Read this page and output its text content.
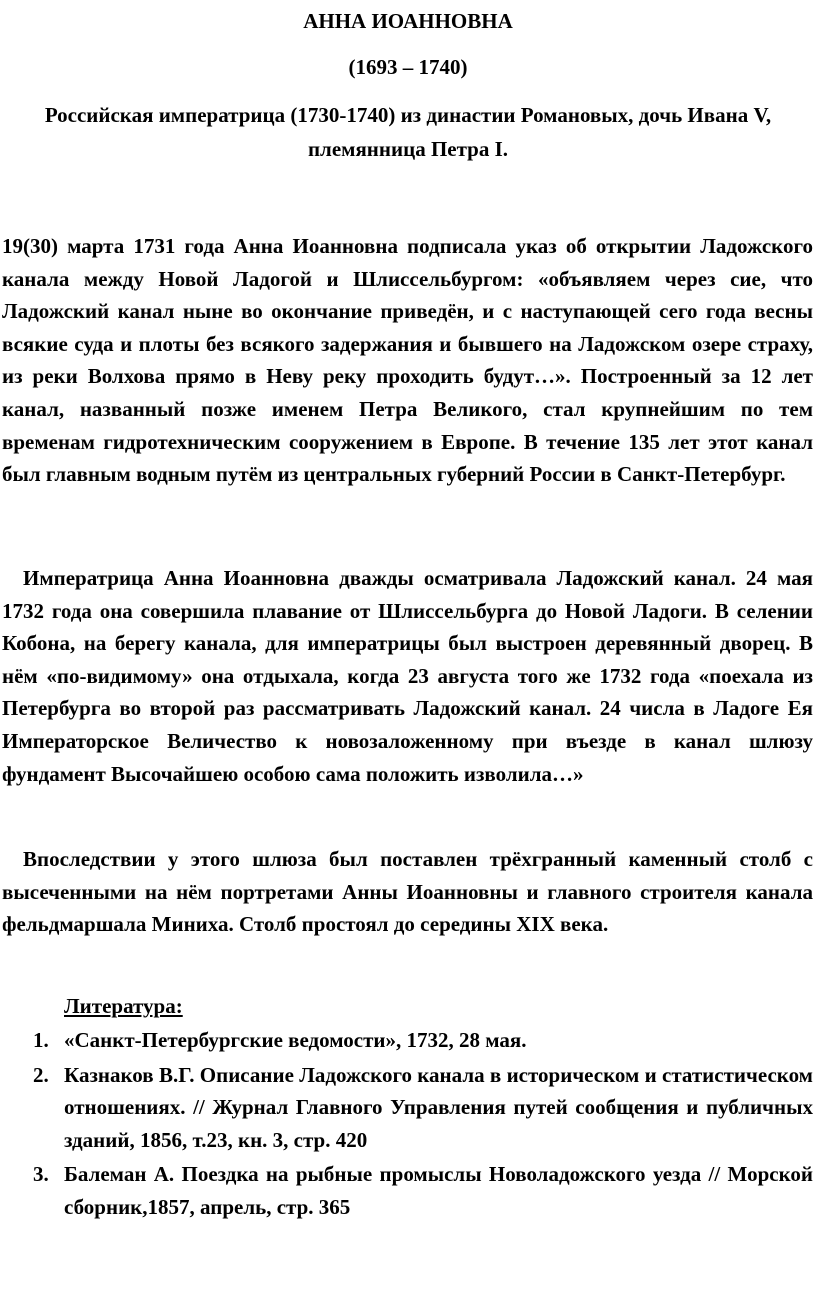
АННА ИОАННОВНА

(1693 – 1740)

Российская императрица (1730-1740) из династии Романовых, дочь Ивана V, племянница Петра I.

19(30) марта 1731 года Анна Иоанновна подписала указ об открытии Ладожского канала между Новой Ладогой и Шлиссельбургом: «объявляем через сие, что Ладожский канал ныне во окончание приведён, и с наступающей сего года весны всякие суда и плоты без всякого задержания и бывшего на Ладожском озере страху, из реки Волхова прямо в Неву реку проходить будут…». Построенный за 12 лет канал, названный позже именем Петра Великого, стал крупнейшим по тем временам гидротехническим сооружением в Европе. В течение 135 лет этот канал был главным водным путём из центральных губерний России в Санкт-Петербург.

Императрица Анна Иоанновна дважды осматривала Ладожский канал. 24 мая 1732 года она совершила плавание от Шлиссельбурга до Новой Ладоги. В селении Кобона, на берегу канала, для императрицы был выстроен деревянный дворец. В нём «по-видимому» она отдыхала, когда 23 августа того же 1732 года «поехала из Петербурга во второй раз рассматривать Ладожский канал. 24 числа в Ладоге Ея Императорское Величество к новозаложенному при въезде в канал шлюзу фундамент Высочайшею особою сама положить изволила…»

Впоследствии у этого шлюза был поставлен трёхгранный каменный столб с высеченными на нём портретами Анны Иоанновны и главного строителя канала фельдмаршала Миниха. Столб простоял до середины XIX века.

Литература:

1. «Санкт-Петербургские ведомости», 1732, 28 мая.
2. Казнаков В.Г. Описание Ладожского канала в историческом и статистическом отношениях. // Журнал Главного Управления путей сообщения и публичных зданий, 1856, т.23, кн. 3, стр. 420
3. Балеман А. Поездка на рыбные промыслы Новоладожского уезда // Морской сборник,1857, апрель, стр. 365
